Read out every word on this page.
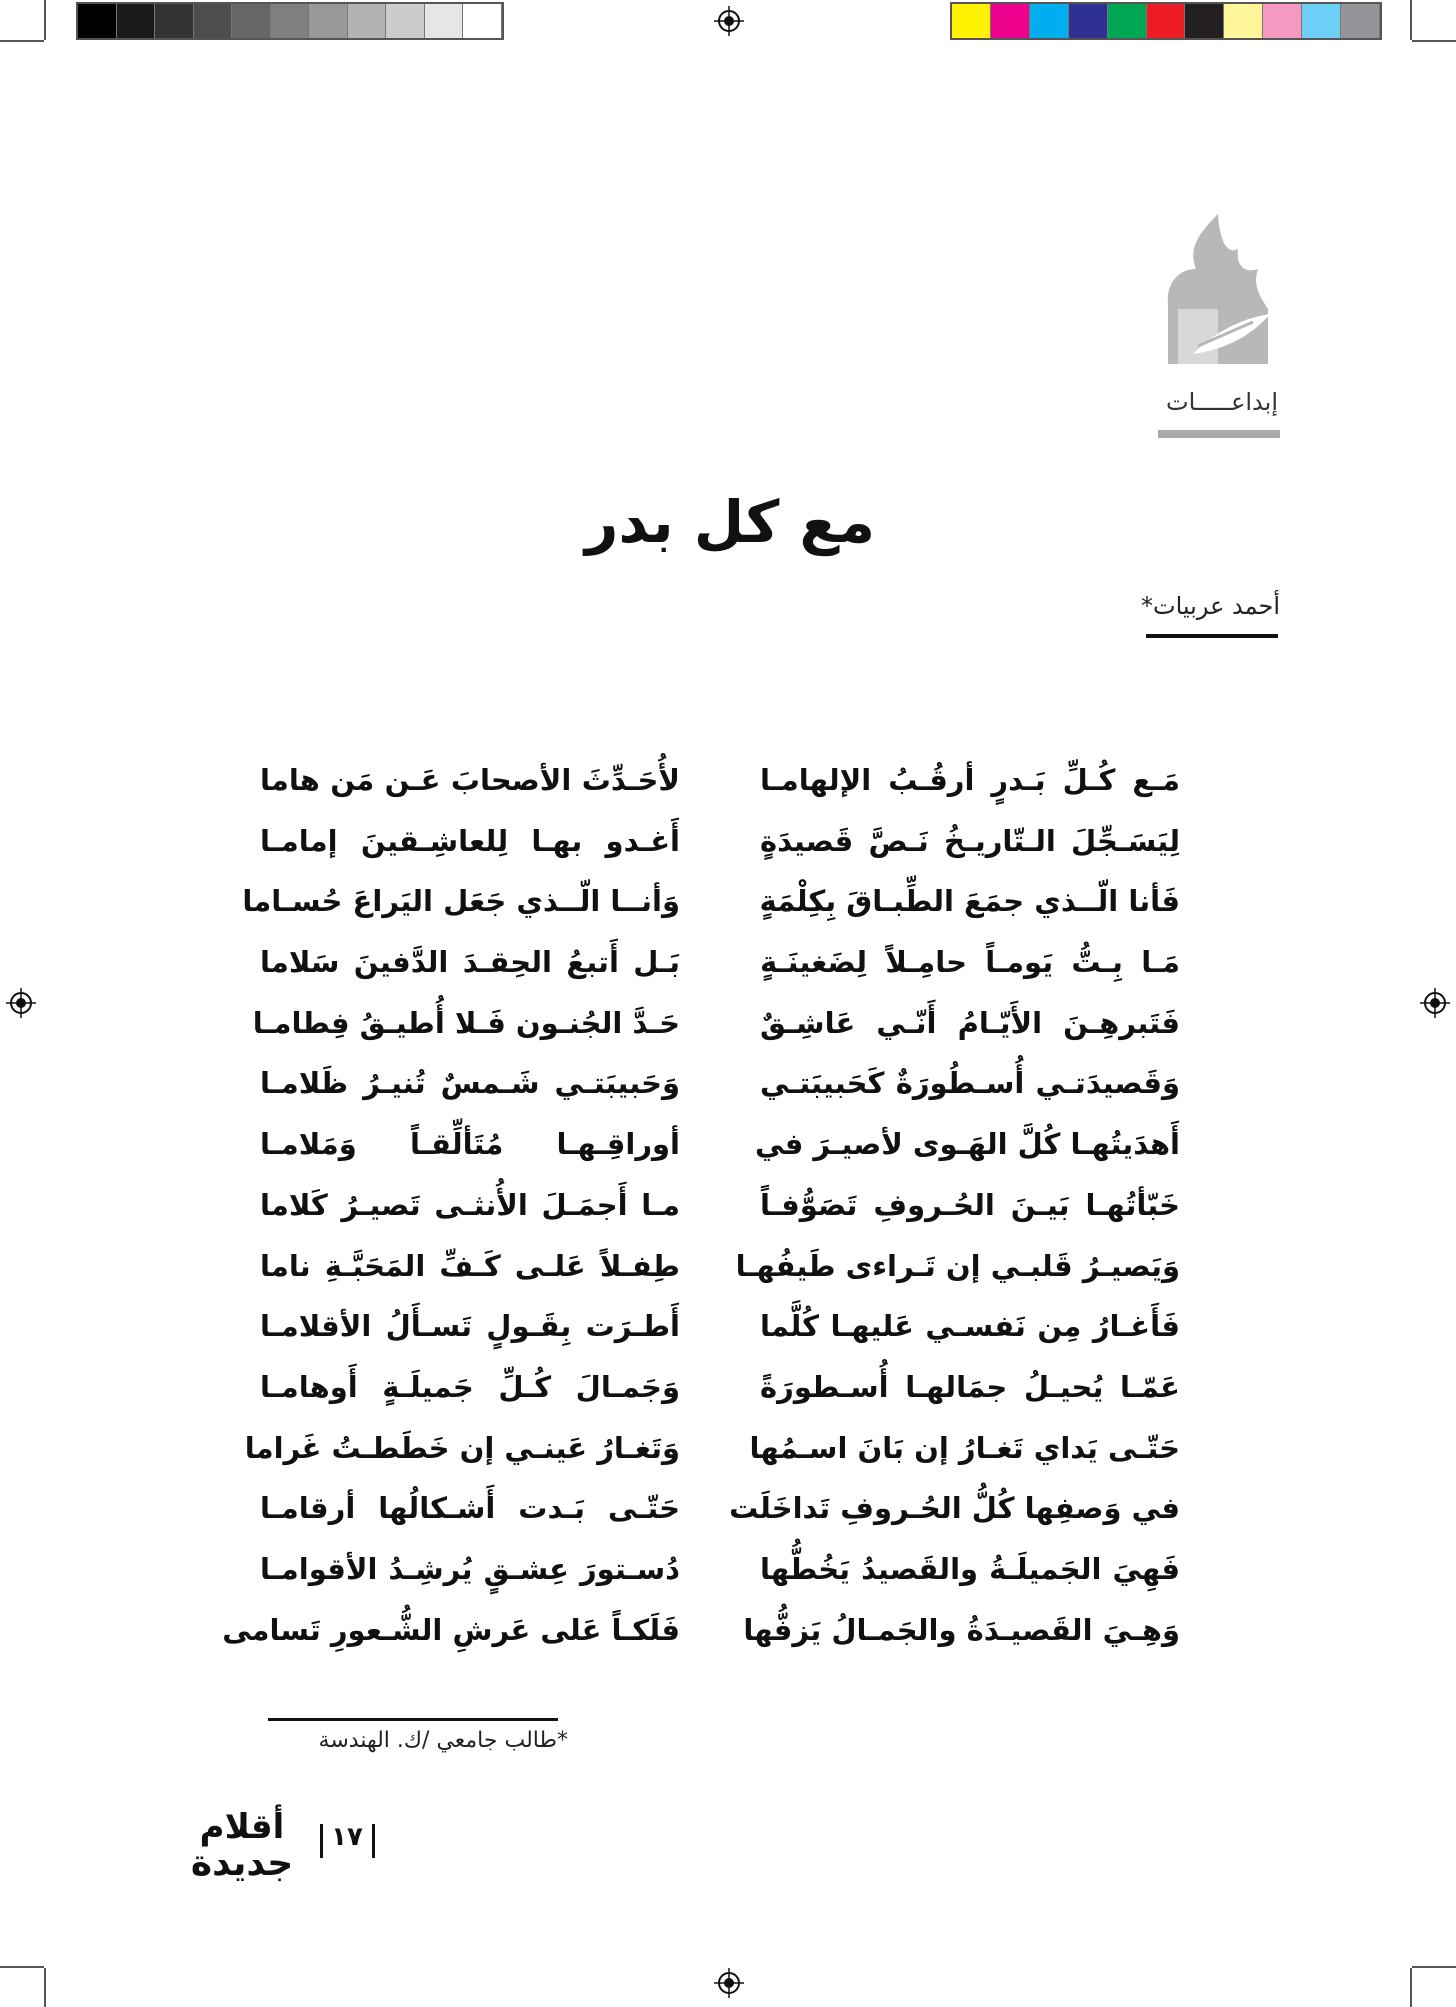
إبداعـــــات
مع كل بدر
أحمد عربيات*
مَـع كُـلِّ بَـدرٍ أرقُـبُ الإلهامـا
لأُحَـدِّثَ الأصحابَ عَـن مَن هاما
لِيَسَـجِّلَ الـتّاريـخُ نَـصَّ قَصيدَةٍ
أَغـدو بهـا لِلعاشِـقينَ إمامـا
فَأنا الّــذي جمَعَ الطِّبـاقَ بِكِلْمَةٍ
وَأنــا الّــذي جَعَل اليَراعَ حُسـاما
مَـا بِـتُّ يَومـاً حامِـلاً لِضَغينَـةٍ
بَـل أَتبعُ الحِقـدَ الدَّفينَ سَلاما
فَتَبرهِـنَ الأَيّـامُ أَنّـي عَاشِـقٌ
حَـدَّ الجُنـون فَـلا أُطيـقُ فِطامـا
وَقَصيدَتـي أُسـطُورَةٌ كَحَبيبَتـي
وَحَبيبَتـي شَـمسٌ تُنيـرُ ظَلامـا
أَهدَيتُهـا كُلَّ الهَـوى لأصيـرَ في
أوراقِـهـا مُتَألِّقـاً وَمَلامـا
خَبّأتُهـا بَيـنَ الحُـروفِ تَصَوُّفـاً
مـا أَجمَـلَ الأُنثـى تَصيـرُ كَلاما
وَيَصيـرُ قَلبـي إن تَـراءى طَيفُهـا
طِفـلاً عَلـى كَـفِّ المَحَبَّـةِ ناما
فَأَغـارُ مِن نَفسـي عَليهـا كُلَّما
أَطـرَت بِقَـولٍ تَسـأَلُ الأقلامـا
عَمّـا يُحيـلُ جمَالهـا أُسـطورَةً
وَجَمـالَ كُـلِّ جَميلَـةٍ أَوهامـا
حَتّـى يَداي تَغـارُ إن بَانَ اسـمُها
وَتَغـارُ عَينـي إن خَطَطـتُ غَراما
في وَصفِها كُلُّ الحُـروفِ تَداخَلَت
حَتّـى بَـدت أَشـكالُها أرقامـا
فَهِيَ الجَميلَـةُ والقَصيدُ يَخُطُّها
دُسـتورَ عِشـقٍ يُرشِـدُ الأقوامـا
وَهِـيَ القَصيـدَةُ والجَمـالُ يَزفُّها
فَلَكـاً عَلى عَرشِ الشُّـعورِ تَسامى
*طالب جامعي /ك. الهندسة
أقلام
جديدة
١٧
